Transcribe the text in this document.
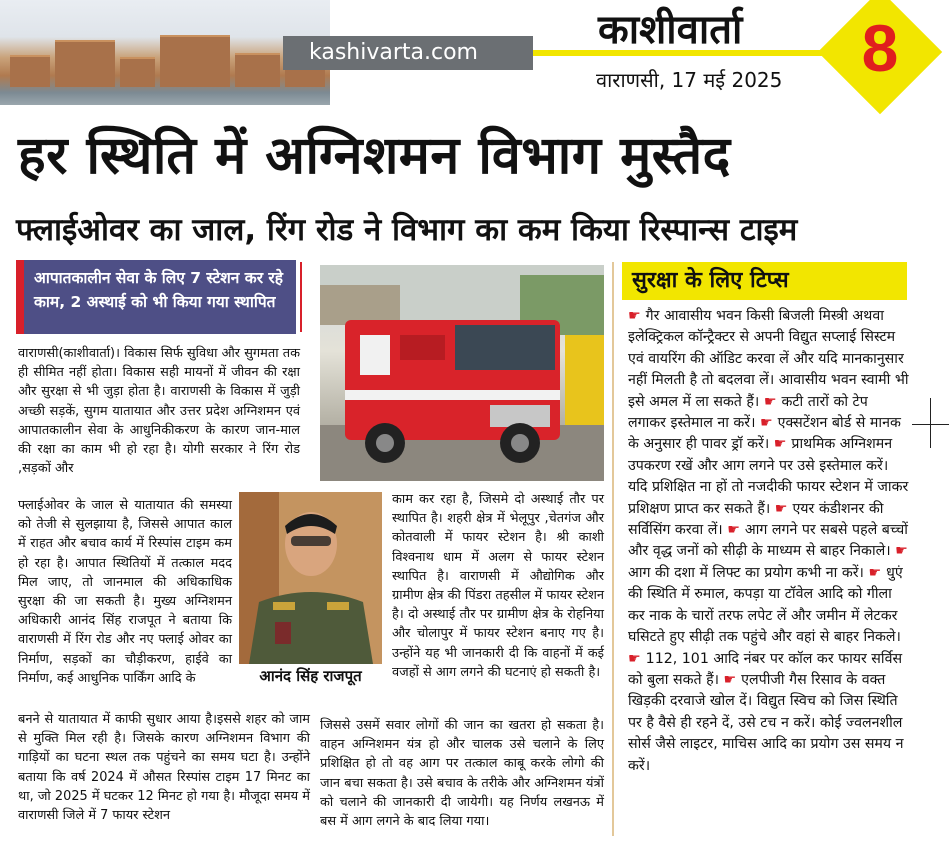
kashivarta.com	काशीवार्ता
वाराणसी, 17 मई 2025	8
हर स्थिति में अग्निशमन विभाग मुस्तैद
फ्लाईओवर का जाल, रिंग रोड ने विभाग का कम किया रिस्पान्स टाइम
आपातकालीन सेवा के लिए 7 स्टेशन कर रहे काम, 2 अस्थाई को भी किया गया स्थापित
आनंद सिंह राजपूत

वाराणसी(काशीवार्ता)। विकास सिर्फ सुविधा और सुगमता तक ही सीमित नहीं होता। विकास सही मायनों में जीवन की रक्षा और सुरक्षा से भी जुड़ा होता है। वाराणसी के विकास में जुड़ी अच्छी सड़कें, सुगम यातायात और उत्तर प्रदेश अग्निशमन एवं आपातकालीन सेवा के आधुनिकीकरण के कारण जान-माल की रक्षा का काम भी हो रहा है। योगी सरकार ने रिंग रोड ,सड़कों और

फ्लाईओवर के जाल से यातायात की समस्या को तेजी से सुलझाया है, जिससे आपात काल में राहत और बचाव कार्य में रिस्पांस टाइम कम हो रहा है। आपात स्थितियों में तत्काल मदद मिल जाए, तो जानमाल की अधिकाधिक सुरक्षा की जा सकती है। मुख्य अग्निशमन अधिकारी आनंद सिंह राजपूत ने बताया कि वाराणसी में रिंग रोड और नए फ्लाई ओवर का निर्माण, सड़कों का चौड़ीकरण, हाईवे का निर्माण, कई आधुनिक पार्किंग आदि के

बनने से यातायात में काफी सुधार आया है।इससे शहर को जाम से मुक्ति मिल रही है। जिसके कारण अग्निशमन विभाग की गाड़ियों का घटना स्थल तक पहुंचने का समय घटा है। उन्होंने बताया कि वर्ष 2024 में औसत रिस्पांस टाइम 17 मिनट का था, जो 2025 में घटकर 12 मिनट हो गया है। मौजूदा समय में वाराणसी जिले में 7 फायर स्टेशन

काम कर रहा है, जिसमे दो अस्थाई तौर पर स्थापित है। शहरी क्षेत्र में भेलूपुर ,चेतगंज और कोतवाली में फायर स्टेशन है। श्री काशी विश्वनाथ धाम में अलग से फायर स्टेशन स्थापित है। वाराणसी में औद्योगिक और ग्रामीण क्षेत्र की पिंडरा तहसील में फायर स्टेशन है। दो अस्थाई तौर पर ग्रामीण क्षेत्र के रोहनिया और चोलापुर में फायर स्टेशन बनाए गए है। उन्होंने यह भी जानकारी दी कि वाहनों में कई वजहों से आग लगने की घटनाएं हो सकती है।

जिससे उसमें सवार लोगों की जान का खतरा हो सकता है। वाहन अग्निशमन यंत्र हो और चालक उसे चलाने के लिए प्रशिक्षित हो तो वह आग पर तत्काल काबू करके लोगो की जान बचा सकता है। उसे बचाव के तरीके और अग्निशमन यंत्रों को चलाने की जानकारी दी जायेगी। यह निर्णय लखनऊ में बस में आग लगने के बाद लिया गया।

सुरक्षा के लिए टिप्स
☛ गैर आवासीय भवन किसी बिजली मिस्त्री अथवा इलेक्ट्रिकल कॉन्ट्रैक्टर से अपनी विद्युत सप्लाई सिस्टम एवं वायरिंग की ऑडिट करवा लें और यदि मानकानुसार नहीं मिलती है तो बदलवा लें। आवासीय भवन स्वामी भी इसे अमल में ला सकते हैं। ☛ कटी तारों को टेप लगाकर इस्तेमाल ना करें। ☛ एक्सटेंशन बोर्ड से मानक के अनुसार ही पावर ड्रॉ करें। ☛ प्राथमिक अग्निशमन उपकरण रखें और आग लगने पर उसे इस्तेमाल करें। यदि प्रशिक्षित ना हों तो नजदीकी फायर स्टेशन में जाकर प्रशिक्षण प्राप्त कर सकते हैं। ☛ एयर कंडीशनर की सर्विसिंग करवा लें। ☛ आग लगने पर सबसे पहले बच्चों और वृद्ध जनों को सीढ़ी के माध्यम से बाहर निकाले। ☛ आग की दशा में लिफ्ट का प्रयोग कभी ना करें। ☛ धुएं की स्थिति में रुमाल, कपड़ा या टॉवेल आदि को गीला कर नाक के चारों तरफ लपेट लें और जमीन में लेटकर घसिटते हुए सीढ़ी तक पहुंचे और वहां से बाहर निकले। ☛ 112, 101 आदि नंबर पर कॉल कर फायर सर्विस को बुला सकते हैं। ☛ एलपीजी गैस रिसाव के वक्त खिड़की दरवाजे खोल दें। विद्युत स्विच को जिस स्थिति पर है वैसे ही रहने दें, उसे टच न करें। कोई ज्वलनशील सोर्स जैसे लाइटर, माचिस आदि का प्रयोग उस समय न करें।
